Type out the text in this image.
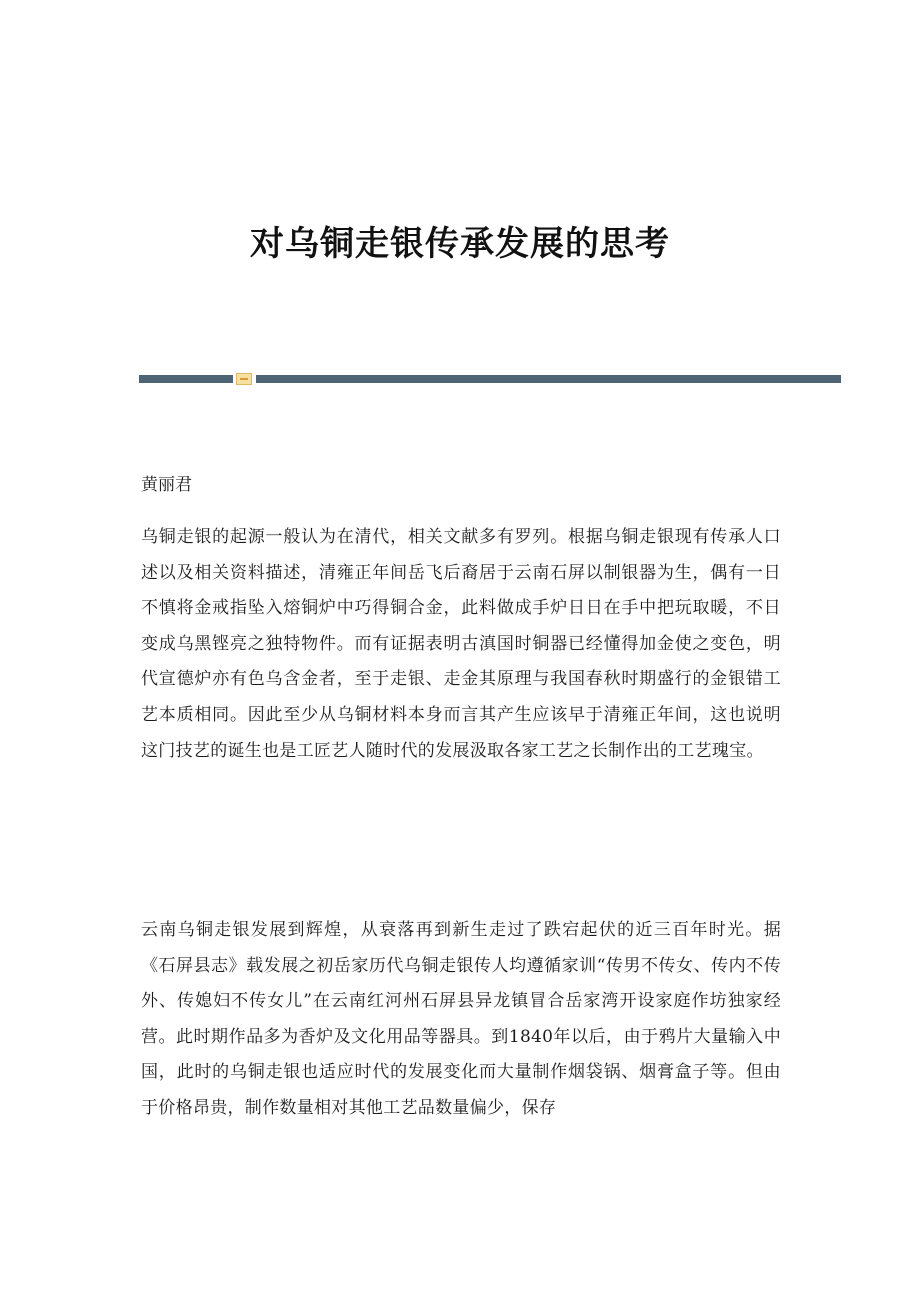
对乌铜走银传承发展的思考

黄丽君

乌铜走银的起源一般认为在清代，相关文献多有罗列。根据乌铜走银现有传承人口述以及相关资料描述，清雍正年间岳飞后裔居于云南石屏以制银器为生，偶有一日不慎将金戒指坠入熔铜炉中巧得铜合金，此料做成手炉日日在手中把玩取暖，不日变成乌黑铿亮之独特物件。而有证据表明古滇国时铜器已经懂得加金使之变色，明代宣德炉亦有色乌含金者，至于走银、走金其原理与我国春秋时期盛行的金银错工艺本质相同。因此至少从乌铜材料本身而言其产生应该早于清雍正年间，这也说明这门技艺的诞生也是工匠艺人随时代的发展汲取各家工艺之长制作出的工艺瑰宝。

云南乌铜走银发展到辉煌，从衰落再到新生走过了跌宕起伏的近三百年时光。据《石屏县志》载发展之初岳家历代乌铜走银传人均遵循家训“传男不传女、传内不传外、传媳妇不传女儿”在云南红河州石屏县异龙镇冒合岳家湾开设家庭作坊独家经营。此时期作品多为香炉及文化用品等器具。到1840年以后，由于鸦片大量输入中国，此时的乌铜走银也适应时代的发展变化而大量制作烟袋锅、烟膏盒子等。但由于价格昂贵，制作数量相对其他工艺品数量偏少，保存
